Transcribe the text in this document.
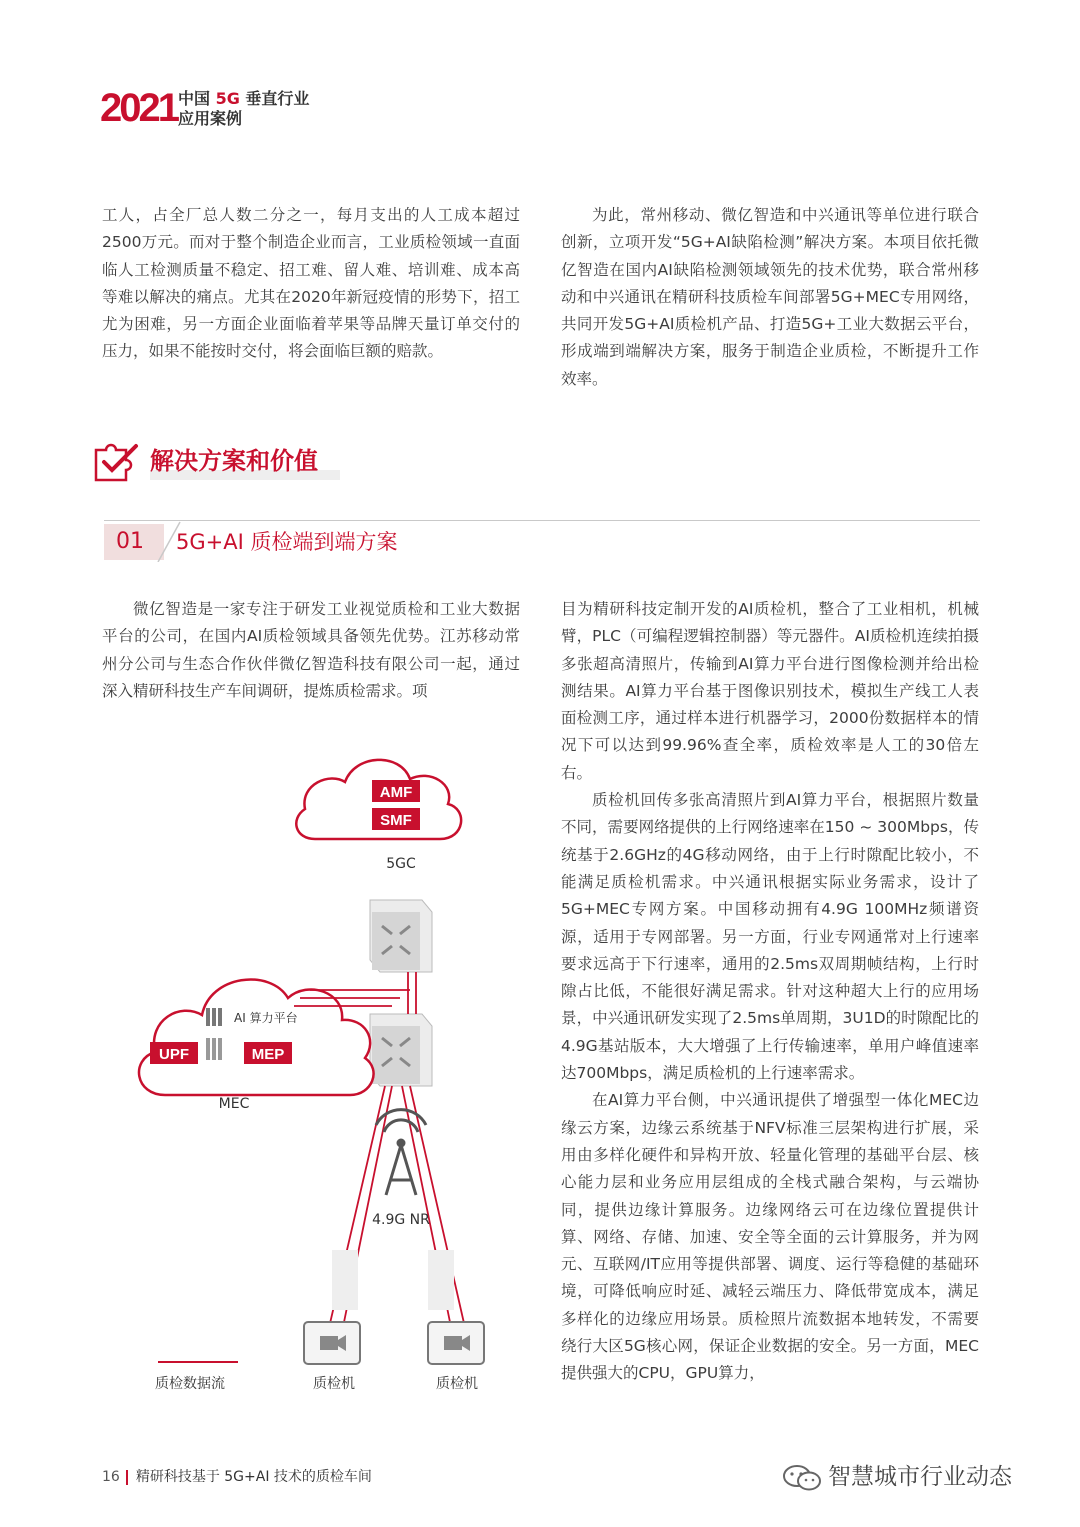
2021 中国 5G 垂直行业
应用案例

工人，占全厂总人数二分之一，每月支出的人工成本超过2500万元。而对于整个制造企业而言，工业质检领域一直面临人工检测质量不稳定、招工难、留人难、培训难、成本高等难以解决的痛点。尤其在2020年新冠疫情的形势下，招工尤为困难，另一方面企业面临着苹果等品牌天量订单交付的压力，如果不能按时交付，将会面临巨额的赔款。

为此，常州移动、微亿智造和中兴通讯等单位进行联合创新，立项开发“5G+AI缺陷检测”解决方案。本项目依托微亿智造在国内AI缺陷检测领域领先的技术优势，联合常州移动和中兴通讯在精研科技质检车间部署5G+MEC专用网络，共同开发5G+AI质检机产品、打造5G+工业大数据云平台，形成端到端解决方案，服务于制造企业质检，不断提升工作效率。

解决方案和价值
01 5G+AI 质检端到端方案

微亿智造是一家专注于研发工业视觉质检和工业大数据平台的公司，在国内AI质检领域具备领先优势。江苏移动常州分公司与生态合作伙伴微亿智造科技有限公司一起，通过深入精研科技生产车间调研，提炼质检需求。项

目为精研科技定制开发的AI质检机，整合了工业相机，机械臂，PLC（可编程逻辑控制器）等元器件。AI质检机连续拍摄多张超高清照片，传输到AI算力平台进行图像检测并给出检测结果。AI算力平台基于图像识别技术，模拟生产线工人表面检测工序，通过样本进行机器学习，2000份数据样本的情况下可以达到99.96%查全率，质检效率是人工的30倍左右。

质检机回传多张高清照片到AI算力平台，根据照片数量不同，需要网络提供的上行网络速率在150 ~ 300Mbps，传统基于2.6GHz的4G移动网络，由于上行时隙配比较小，不能满足质检机需求。中兴通讯根据实际业务需求，设计了5G+MEC专网方案。中国移动拥有4.9G 100MHz频谱资源，适用于专网部署。另一方面，行业专网通常对上行速率要求远高于下行速率，通用的2.5ms双周期帧结构，上行时隙占比低，不能很好满足需求。针对这种超大上行的应用场景，中兴通讯研发实现了2.5ms单周期，3U1D的时隙配比的4.9G基站版本，大大增强了上行传输速率，单用户峰值速率达700Mbps，满足质检机的上行速率需求。

在AI算力平台侧，中兴通讯提供了增强型一体化MEC边缘云方案，边缘云系统基于NFV标准三层架构进行扩展，采用由多样化硬件和异构开放、轻量化管理的基础平台层、核心能力层和业务应用层组成的全栈式融合架构，与云端协同，提供边缘计算服务。边缘网络云可在边缘位置提供计算、网络、存储、加速、安全等全面的云计算服务，并为网元、互联网/IT应用等提供部署、调度、运行等稳健的基础环境，可降低响应时延、减轻云端压力、降低带宽成本，满足多样化的边缘应用场景。质检照片流数据本地转发，不需要绕行大区5G核心网，保证企业数据的安全。另一方面，MEC提供强大的CPU，GPU算力，

AMF
SMF
5GC
UPF	MEP
AI 算力平台
MEC
4.9G NR
质检数据流	质检机	质检机
16 精研科技基于 5G+AI 技术的质检车间	智慧城市行业动态
